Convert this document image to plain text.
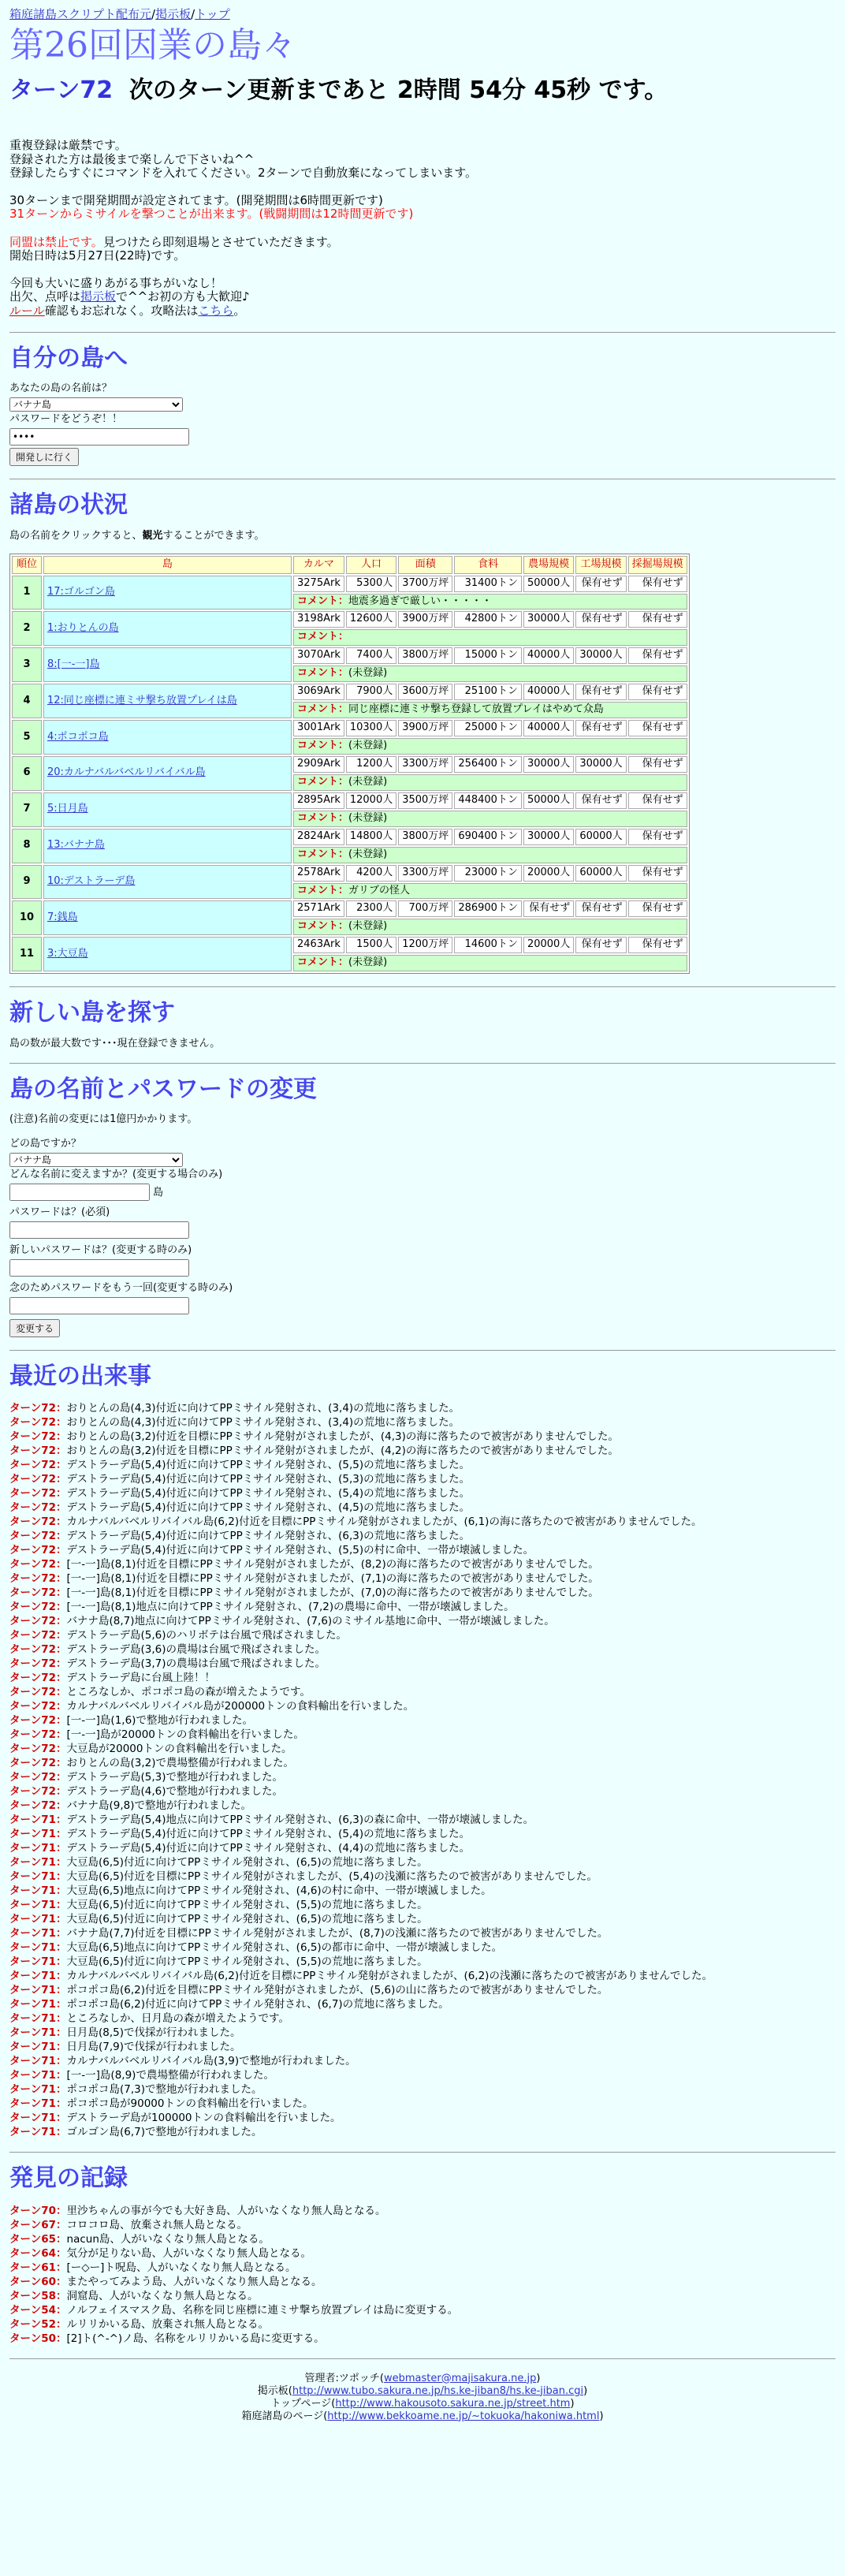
箱庭諸島スクリプト配布元/掲示板/トップ
第26回因業の島々
ターン72 次のターン更新まであと 2時間 54分 45秒 です。

重複登録は厳禁です。

登録された方は最後まで楽しんで下さいね^^

登録したらすぐにコマンドを入れてください。2ターンで自動放棄になってしまいます。

30ターンまで開発期間が設定されてます。(開発期間は6時間更新です)

31ターンからミサイルを撃つことが出来ます。(戦闘期間は12時間更新です)

同盟は禁止です。見つけたら即刻退場とさせていただきます。

開始日時は5月27日(22時)です。

今回も大いに盛りあがる事ちがいなし！

出欠、点呼は掲示板で^^お初の方も大歓迎♪

ルール確認もお忘れなく。攻略法はこちら。

自分の島へ
あなたの島の名前は？
バナナ島
パスワードをどうぞ！！
••••
開発しに行く
諸島の状況
島の名前をクリックすると、観光することができます。
順位	島	カルマ	人口	面積	食料	農場規模	工場規模	採掘場規模
1	17:ゴルゴン島	3275Ark	5300人	3700万坪	31400トン	50000人	保有せず	保有せず
		コメント：地震多過ぎで厳しい・・・・・						
2	1:おりとんの島	3198Ark	12600人	3900万坪	42800トン	30000人	保有せず	保有せず
		コメント：						
3	8:[一-一]島	3070Ark	7400人	3800万坪	15000トン	40000人	30000人	保有せず
		コメント：(未登録)						
4	12:同じ座標に連ミサ撃ち放置プレイは島	3069Ark	7900人	3600万坪	25100トン	40000人	保有せず	保有せず
		コメント：同じ座標に連ミサ撃ち登録して放置プレイはやめて众島						
5	4:ポコポコ島	3001Ark	10300人	3900万坪	25000トン	40000人	保有せず	保有せず
		コメント：(未登録)						
6	20:カルナバルバベルリバイバル島	2909Ark	1200人	3300万坪	256400トン	30000人	30000人	保有せず
		コメント：(未登録)						
7	5:日月島	2895Ark	12000人	3500万坪	448400トン	50000人	保有せず	保有せず
		コメント：(未登録)						
8	13:バナナ島	2824Ark	14800人	3800万坪	690400トン	30000人	60000人	保有せず
		コメント：(未登録)						
9	10:デストラーデ島	2578Ark	4200人	3300万坪	23000トン	20000人	60000人	保有せず
		コメント：ガリブの怪人						
10	7:銭島	2571Ark	2300人	700万坪	286900トン	保有せず	保有せず	保有せず
		コメント：(未登録)						
11	3:大豆島	2463Ark	1500人	1200万坪	14600トン	20000人	保有せず	保有せず
		コメント：(未登録)						
新しい島を探す
島の数が最大数です･･･現在登録できません。
島の名前とパスワードの変更
(注意)名前の変更には1億円かかります。
どの島ですか？
バナナ島
どんな名前に変えますか？(変更する場合のみ)
島
パスワードは？(必須)
新しいパスワードは？(変更する時のみ)
念のためパスワードをもう一回(変更する時のみ)
変更する
最近の出来事
ターン72：おりとんの島(4,3)付近に向けてPPミサイル発射され、(3,4)の荒地に落ちました。
ターン72：おりとんの島(4,3)付近に向けてPPミサイル発射され、(3,4)の荒地に落ちました。
ターン72：おりとんの島(3,2)付近を目標にPPミサイル発射がされましたが、(4,3)の海に落ちたので被害がありませんでした。
ターン72：おりとんの島(3,2)付近を目標にPPミサイル発射がされましたが、(4,2)の海に落ちたので被害がありませんでした。
ターン72：デストラーデ島(5,4)付近に向けてPPミサイル発射され、(5,5)の荒地に落ちました。
ターン72：デストラーデ島(5,4)付近に向けてPPミサイル発射され、(5,3)の荒地に落ちました。
ターン72：デストラーデ島(5,4)付近に向けてPPミサイル発射され、(5,4)の荒地に落ちました。
ターン72：デストラーデ島(5,4)付近に向けてPPミサイル発射され、(4,5)の荒地に落ちました。
ターン72：カルナバルバベルリバイバル島(6,2)付近を目標にPPミサイル発射がされましたが、(6,1)の海に落ちたので被害がありませんでした。
ターン72：デストラーデ島(5,4)付近に向けてPPミサイル発射され、(6,3)の荒地に落ちました。
ターン72：デストラーデ島(5,4)付近に向けてPPミサイル発射され、(5,5)の村に命中、一帯が壊滅しました。
ターン72：[一-一]島(8,1)付近を目標にPPミサイル発射がされましたが、(8,2)の海に落ちたので被害がありませんでした。
ターン72：[一-一]島(8,1)付近を目標にPPミサイル発射がされましたが、(7,1)の海に落ちたので被害がありませんでした。
ターン72：[一-一]島(8,1)付近を目標にPPミサイル発射がされましたが、(7,0)の海に落ちたので被害がありませんでした。
ターン72：[一-一]島(8,1)地点に向けてPPミサイル発射され、(7,2)の農場に命中、一帯が壊滅しました。
ターン72：バナナ島(8,7)地点に向けてPPミサイル発射され、(7,6)のミサイル基地に命中、一帯が壊滅しました。
ターン72：デストラーデ島(5,6)のハリボテは台風で飛ばされました。
ターン72：デストラーデ島(3,6)の農場は台風で飛ばされました。
ターン72：デストラーデ島(3,7)の農場は台風で飛ばされました。
ターン72：デストラーデ島に台風上陸！！
ターン72：ところなしか、ポコポコ島の森が増えたようです。
ターン72：カルナバルバベルリバイバル島が200000トンの食料輸出を行いました。
ターン72：[一-一]島(1,6)で整地が行われました。
ターン72：[一-一]島が20000トンの食料輸出を行いました。
ターン72：大豆島が20000トンの食料輸出を行いました。
ターン72：おりとんの島(3,2)で農場整備が行われました。
ターン72：デストラーデ島(5,3)で整地が行われました。
ターン72：デストラーデ島(4,6)で整地が行われました。
ターン72：バナナ島(9,8)で整地が行われました。
ターン71：デストラーデ島(5,4)地点に向けてPPミサイル発射され、(6,3)の森に命中、一帯が壊滅しました。
ターン71：デストラーデ島(5,4)付近に向けてPPミサイル発射され、(5,4)の荒地に落ちました。
ターン71：デストラーデ島(5,4)付近に向けてPPミサイル発射され、(4,4)の荒地に落ちました。
ターン71：大豆島(6,5)付近に向けてPPミサイル発射され、(6,5)の荒地に落ちました。
ターン71：大豆島(6,5)付近を目標にPPミサイル発射がされましたが、(5,4)の浅瀬に落ちたので被害がありませんでした。
ターン71：大豆島(6,5)地点に向けてPPミサイル発射され、(4,6)の村に命中、一帯が壊滅しました。
ターン71：大豆島(6,5)付近に向けてPPミサイル発射され、(5,5)の荒地に落ちました。
ターン71：大豆島(6,5)付近に向けてPPミサイル発射され、(6,5)の荒地に落ちました。
ターン71：バナナ島(7,7)付近を目標にPPミサイル発射がされましたが、(8,7)の浅瀬に落ちたので被害がありませんでした。
ターン71：大豆島(6,5)地点に向けてPPミサイル発射され、(6,5)の都市に命中、一帯が壊滅しました。
ターン71：大豆島(6,5)付近に向けてPPミサイル発射され、(5,5)の荒地に落ちました。
ターン71：カルナバルバベルリバイバル島(6,2)付近を目標にPPミサイル発射がされましたが、(6,2)の浅瀬に落ちたので被害がありませんでした。
ターン71：ポコポコ島(6,2)付近を目標にPPミサイル発射がされましたが、(5,6)の山に落ちたので被害がありませんでした。
ターン71：ポコポコ島(6,2)付近に向けてPPミサイル発射され、(6,7)の荒地に落ちました。
ターン71：ところなしか、日月島の森が増えたようです。
ターン71：日月島(8,5)で伐採が行われました。
ターン71：日月島(7,9)で伐採が行われました。
ターン71：カルナバルバベルリバイバル島(3,9)で整地が行われました。
ターン71：[一-一]島(8,9)で農場整備が行われました。
ターン71：ポコポコ島(7,3)で整地が行われました。
ターン71：ポコポコ島が90000トンの食料輸出を行いました。
ターン71：デストラーデ島が100000トンの食料輸出を行いました。
ターン71：ゴルゴン島(6,7)で整地が行われました。
発見の記録
ターン70：里沙ちゃんの事が今でも大好き島、人がいなくなり無人島となる。
ターン67：コロコロ島、放棄され無人島となる。
ターン65：nacun島、人がいなくなり無人島となる。
ターン64：気分が足りない島、人がいなくなり無人島となる。
ターン61：[ー◇ー]ト呪島、人がいなくなり無人島となる。
ターン60：またやってみよう島、人がいなくなり無人島となる。
ターン58：洞窟島、人がいなくなり無人島となる。
ターン54：ノルフェイスマスク島、名称を同じ座標に連ミサ撃ち放置プレイは島に変更する。
ターン52：ルリリかいる島、放棄され無人島となる。
ターン50：[2]ト(^-^)ノ島、名称をルリリかいる島に変更する。
管理者:ツポッチ(webmaster@majisakura.ne.jp)
掲示板(http://www.tubo.sakura.ne.jp/hs.ke-jiban8/hs.ke-jiban.cgi)
トップページ(http://www.hakousoto.sakura.ne.jp/street.htm)
箱庭諸島のページ(http://www.bekkoame.ne.jp/~tokuoka/hakoniwa.html)
